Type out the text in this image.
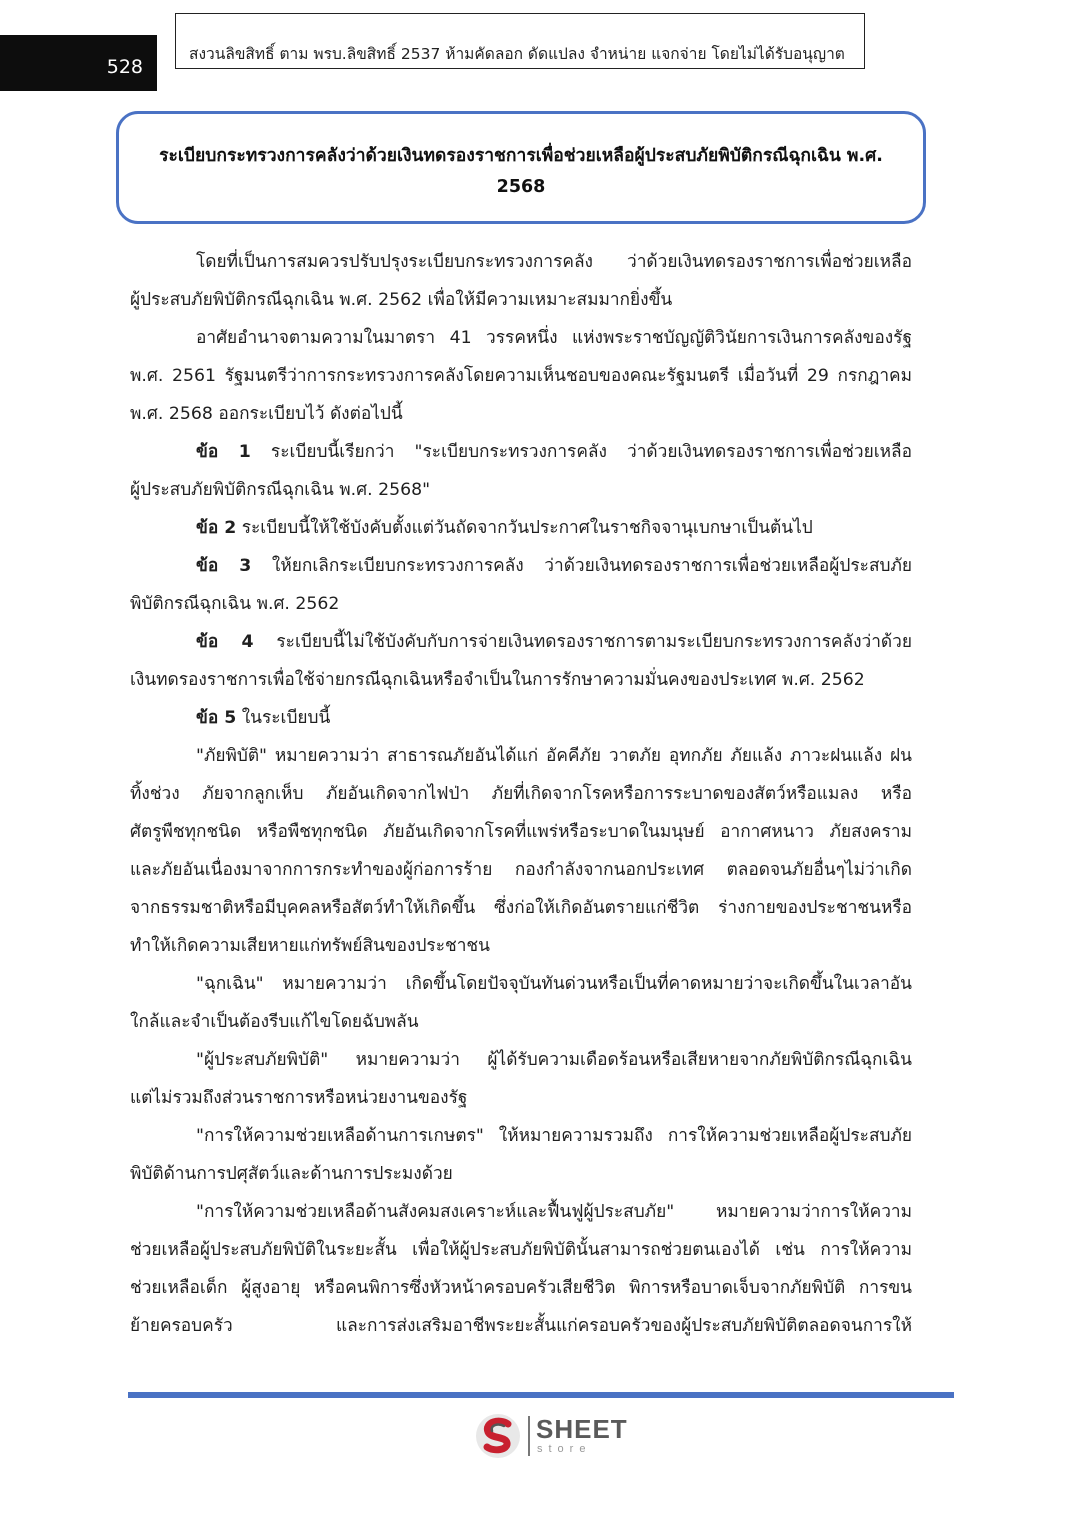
528
สงวนลิขสิทธิ์ ตาม พรบ.ลิขสิทธิ์ 2537 ห้ามคัดลอก ดัดแปลง จำหน่าย แจกจ่าย โดยไม่ได้รับอนุญาต
ระเบียบกระทรวงการคลังว่าด้วยเงินทดรองราชการเพื่อช่วยเหลือผู้ประสบภัยพิบัติกรณีฉุกเฉิน พ.ศ.
2568
โดยที่เป็นการสมควรปรับปรุงระเบียบกระทรวงการคลัง ว่าด้วยเงินทดรองราชการเพื่อช่วยเหลือ
ผู้ประสบภัยพิบัติกรณีฉุกเฉิน พ.ศ. 2562 เพื่อให้มีความเหมาะสมมากยิ่งขึ้น
อาศัยอำนาจตามความในมาตรา 41 วรรคหนึ่ง แห่งพระราชบัญญัติวินัยการเงินการคลังของรัฐ
พ.ศ. 2561 รัฐมนตรีว่าการกระทรวงการคลังโดยความเห็นชอบของคณะรัฐมนตรี เมื่อวันที่ 29 กรกฎาคม
พ.ศ. 2568 ออกระเบียบไว้ ดังต่อไปนี้
ข้อ 1 ระเบียบนี้เรียกว่า "ระเบียบกระทรวงการคลัง ว่าด้วยเงินทดรองราชการเพื่อช่วยเหลือ
ผู้ประสบภัยพิบัติกรณีฉุกเฉิน พ.ศ. 2568"
ข้อ 2 ระเบียบนี้ให้ใช้บังคับตั้งแต่วันถัดจากวันประกาศในราชกิจจานุเบกษาเป็นต้นไป
ข้อ 3 ให้ยกเลิกระเบียบกระทรวงการคลัง ว่าด้วยเงินทดรองราชการเพื่อช่วยเหลือผู้ประสบภัย
พิบัติกรณีฉุกเฉิน พ.ศ. 2562
ข้อ 4 ระเบียบนี้ไม่ใช้บังคับกับการจ่ายเงินทดรองราชการตามระเบียบกระทรวงการคลังว่าด้วย
เงินทดรองราชการเพื่อใช้จ่ายกรณีฉุกเฉินหรือจำเป็นในการรักษาความมั่นคงของประเทศ พ.ศ. 2562
ข้อ 5 ในระเบียบนี้
"ภัยพิบัติ" หมายความว่า สาธารณภัยอันได้แก่ อัคคีภัย วาตภัย อุทกภัย ภัยแล้ง ภาวะฝนแล้ง ฝน
ทิ้งช่วง ภัยจากลูกเห็บ ภัยอันเกิดจากไฟป่า ภัยที่เกิดจากโรคหรือการระบาดของสัตว์หรือแมลง หรือ
ศัตรูพืชทุกชนิด หรือพืชทุกชนิด ภัยอันเกิดจากโรคที่แพร่หรือระบาดในมนุษย์ อากาศหนาว ภัยสงคราม
และภัยอันเนื่องมาจากการกระทำของผู้ก่อการร้าย กองกำลังจากนอกประเทศ ตลอดจนภัยอื่นๆไม่ว่าเกิด
จากธรรมชาติหรือมีบุคคลหรือสัตว์ทำให้เกิดขึ้น ซึ่งก่อให้เกิดอันตรายแก่ชีวิต ร่างกายของประชาชนหรือ
ทำให้เกิดความเสียหายแก่ทรัพย์สินของประชาชน
"ฉุกเฉิน" หมายความว่า เกิดขึ้นโดยปัจจุบันทันด่วนหรือเป็นที่คาดหมายว่าจะเกิดขึ้นในเวลาอัน
ใกล้และจำเป็นต้องรีบแก้ไขโดยฉับพลัน
"ผู้ประสบภัยพิบัติ" หมายความว่า ผู้ได้รับความเดือดร้อนหรือเสียหายจากภัยพิบัติกรณีฉุกเฉิน
แต่ไม่รวมถึงส่วนราชการหรือหน่วยงานของรัฐ
"การให้ความช่วยเหลือด้านการเกษตร" ให้หมายความรวมถึง การให้ความช่วยเหลือผู้ประสบภัย
พิบัติด้านการปศุสัตว์และด้านการประมงด้วย
"การให้ความช่วยเหลือด้านสังคมสงเคราะห์และฟื้นฟูผู้ประสบภัย" หมายความว่าการให้ความ
ช่วยเหลือผู้ประสบภัยพิบัติในระยะสั้น เพื่อให้ผู้ประสบภัยพิบัตินั้นสามารถช่วยตนเองได้ เช่น การให้ความ
ช่วยเหลือเด็ก ผู้สูงอายุ หรือคนพิการซึ่งหัวหน้าครอบครัวเสียชีวิต พิการหรือบาดเจ็บจากภัยพิบัติ การขน
ย้ายครอบครัว และการส่งเสริมอาชีพระยะสั้นแก่ครอบครัวของผู้ประสบภัยพิบัติตลอดจนการให้
SHEET
store
